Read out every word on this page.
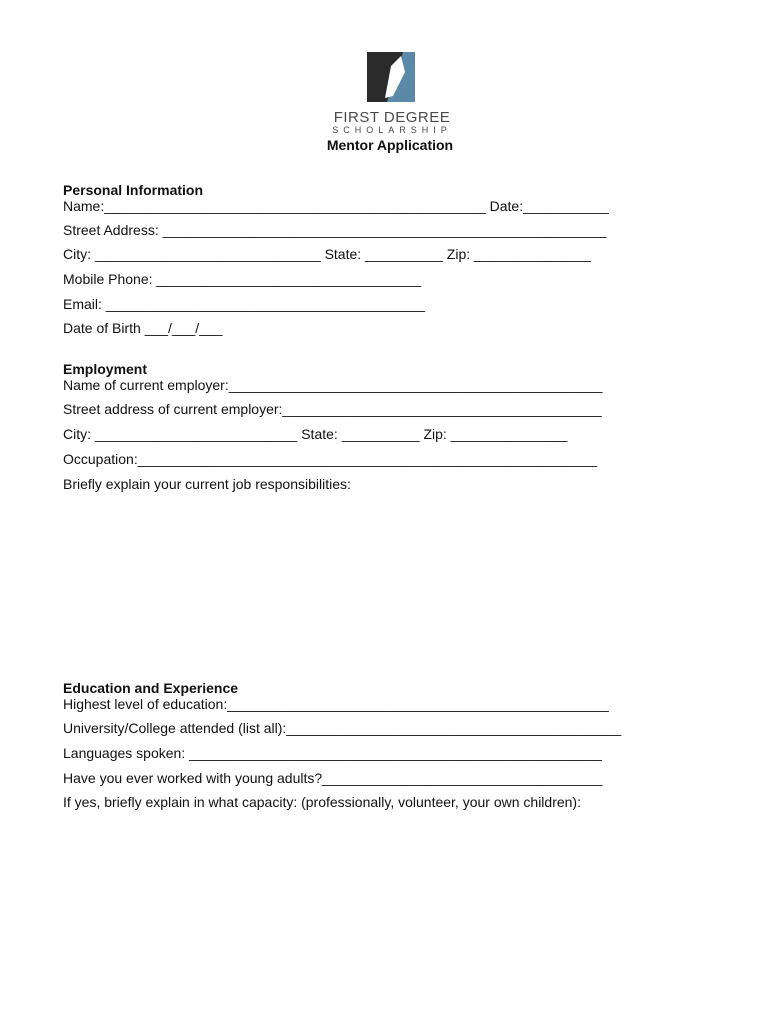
FIRST DEGREE
SCHOLARSHIP
Mentor Application
Personal Information
Name:_________________________________________________ Date:___________
Street Address: _________________________________________________________
City: _____________________________ State: __________ Zip: _______________
Mobile Phone: __________________________________
Email: _________________________________________
Date of Birth ___/___/___
Employment
Name of current employer:________________________________________________
Street address of current employer:_________________________________________
City: __________________________ State: __________ Zip: _______________
Occupation:___________________________________________________________
Briefly explain your current job responsibilities:
Education and Experience
Highest level of education:_________________________________________________
University/College attended (list all):___________________________________________
Languages spoken: _____________________________________________________
Have you ever worked with young adults?____________________________________
If yes, briefly explain in what capacity: (professionally, volunteer, your own children):
